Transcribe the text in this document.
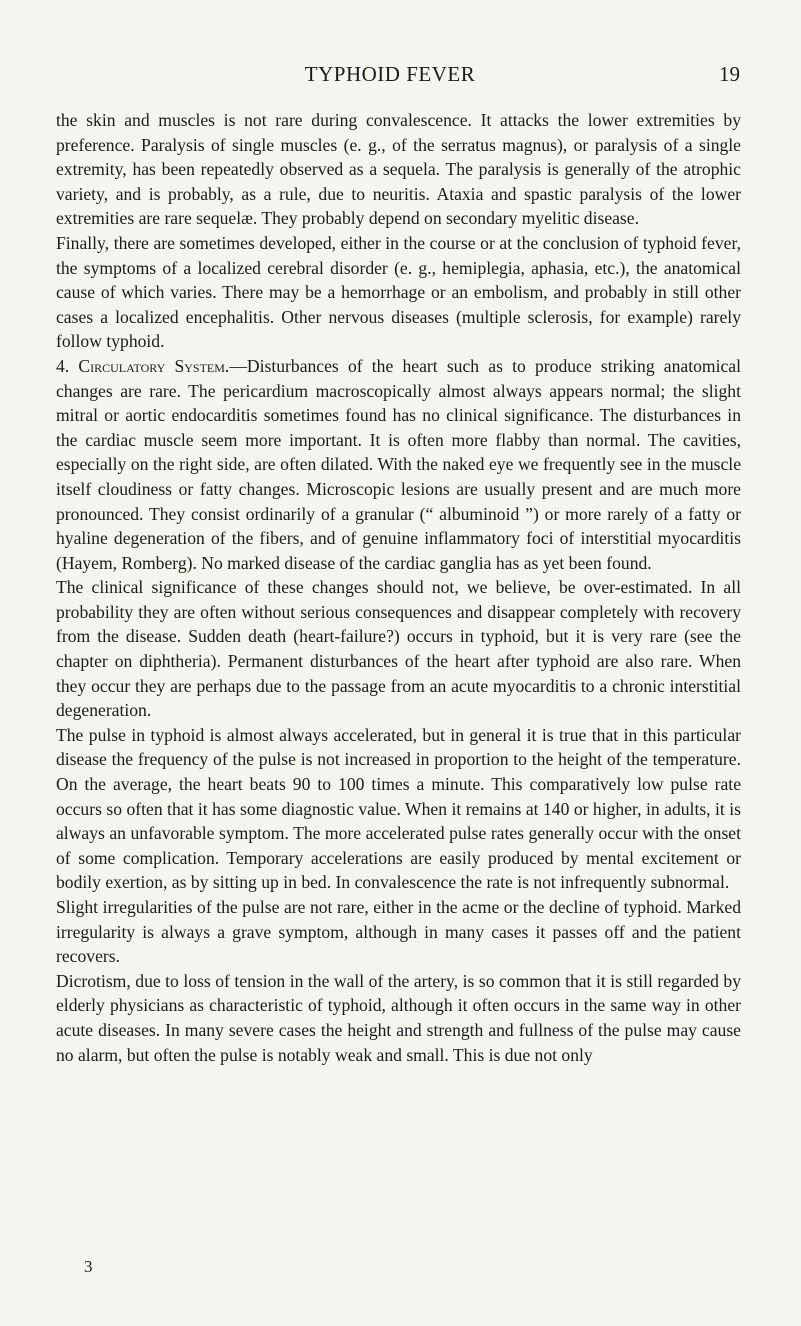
TYPHOID FEVER	19

the skin and muscles is not rare during convalescence. It attacks the lower extremities by preference. Paralysis of single muscles (e. g., of the serratus magnus), or paralysis of a single extremity, has been repeatedly observed as a sequela. The paralysis is generally of the atrophic variety, and is probably, as a rule, due to neuritis. Ataxia and spastic paralysis of the lower extremities are rare sequelæ. They probably depend on secondary myelitic disease.

Finally, there are sometimes developed, either in the course or at the conclusion of typhoid fever, the symptoms of a localized cerebral disorder (e. g., hemiplegia, aphasia, etc.), the anatomical cause of which varies. There may be a hemorrhage or an embolism, and probably in still other cases a localized encephalitis. Other nervous diseases (multiple sclerosis, for example) rarely follow typhoid.

4. Circulatory System.—Disturbances of the heart such as to produce striking anatomical changes are rare. The pericardium macroscopically almost always appears normal; the slight mitral or aortic endocarditis sometimes found has no clinical significance. The disturbances in the cardiac muscle seem more important. It is often more flabby than normal. The cavities, especially on the right side, are often dilated. With the naked eye we frequently see in the muscle itself cloudiness or fatty changes. Microscopic lesions are usually present and are much more pronounced. They consist ordinarily of a granular (“ albuminoid ”) or more rarely of a fatty or hyaline degeneration of the fibers, and of genuine inflammatory foci of interstitial myocarditis (Hayem, Romberg). No marked disease of the cardiac ganglia has as yet been found.

The clinical significance of these changes should not, we believe, be over-estimated. In all probability they are often without serious consequences and disappear completely with recovery from the disease. Sudden death (heart-failure?) occurs in typhoid, but it is very rare (see the chapter on diphtheria). Permanent disturbances of the heart after typhoid are also rare. When they occur they are perhaps due to the passage from an acute myocarditis to a chronic interstitial degeneration.

The pulse in typhoid is almost always accelerated, but in general it is true that in this particular disease the frequency of the pulse is not increased in proportion to the height of the temperature. On the average, the heart beats 90 to 100 times a minute. This comparatively low pulse rate occurs so often that it has some diagnostic value. When it remains at 140 or higher, in adults, it is always an unfavorable symptom. The more accelerated pulse rates generally occur with the onset of some complication. Temporary accelerations are easily produced by mental excitement or bodily exertion, as by sitting up in bed. In convalescence the rate is not infrequently subnormal.

Slight irregularities of the pulse are not rare, either in the acme or the decline of typhoid. Marked irregularity is always a grave symptom, although in many cases it passes off and the patient recovers.

Dicrotism, due to loss of tension in the wall of the artery, is so common that it is still regarded by elderly physicians as characteristic of typhoid, although it often occurs in the same way in other acute diseases. In many severe cases the height and strength and fullness of the pulse may cause no alarm, but often the pulse is notably weak and small. This is due not only

3
